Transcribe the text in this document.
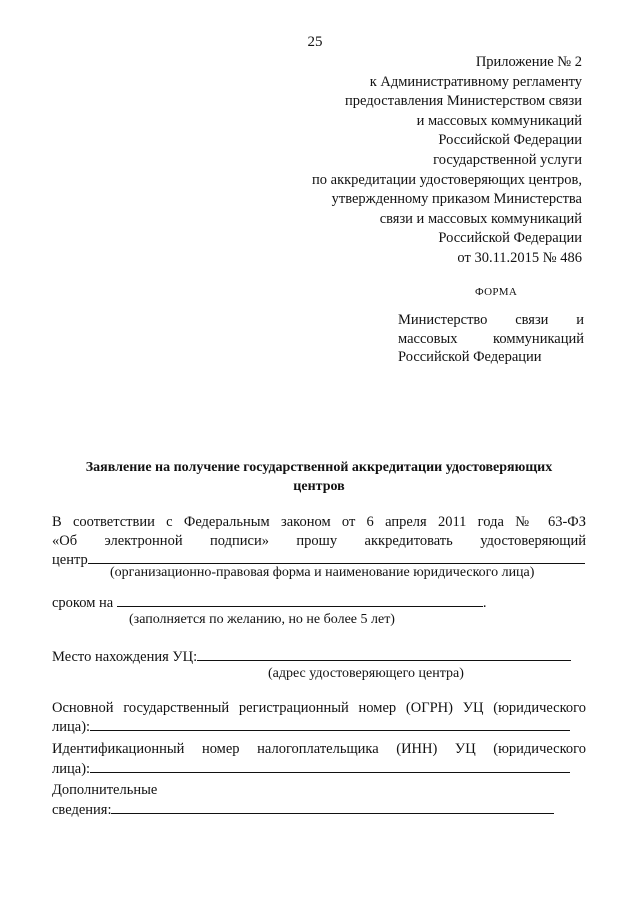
25
Приложение № 2
к Административному регламенту
предоставления Министерством связи
и массовых коммуникаций
Российской Федерации
государственной услуги
по аккредитации удостоверяющих центров,
утвержденному приказом Министерства
связи и массовых коммуникаций
Российской Федерации
от 30.11.2015 № 486
ФОРМА
Министерство связи и
массовых коммуникаций
Российской Федерации
Заявление на получение государственной аккредитации удостоверяющих
центров
В соответствии с Федеральным законом от 6 апреля 2011 года № 63-ФЗ
«Об электронной подписи» прошу аккредитовать удостоверяющий
центр
(организационно-правовая форма и наименование юридического лица)
сроком на	.
(заполняется по желанию, но не более 5 лет)
Место нахождения УЦ:
(адрес удостоверяющего центра)
Основной государственный регистрационный номер (ОГРН) УЦ (юридического
лица):
Идентификационный номер налогоплательщика (ИНН) УЦ (юридического
лица):
Дополнительные
сведения:
